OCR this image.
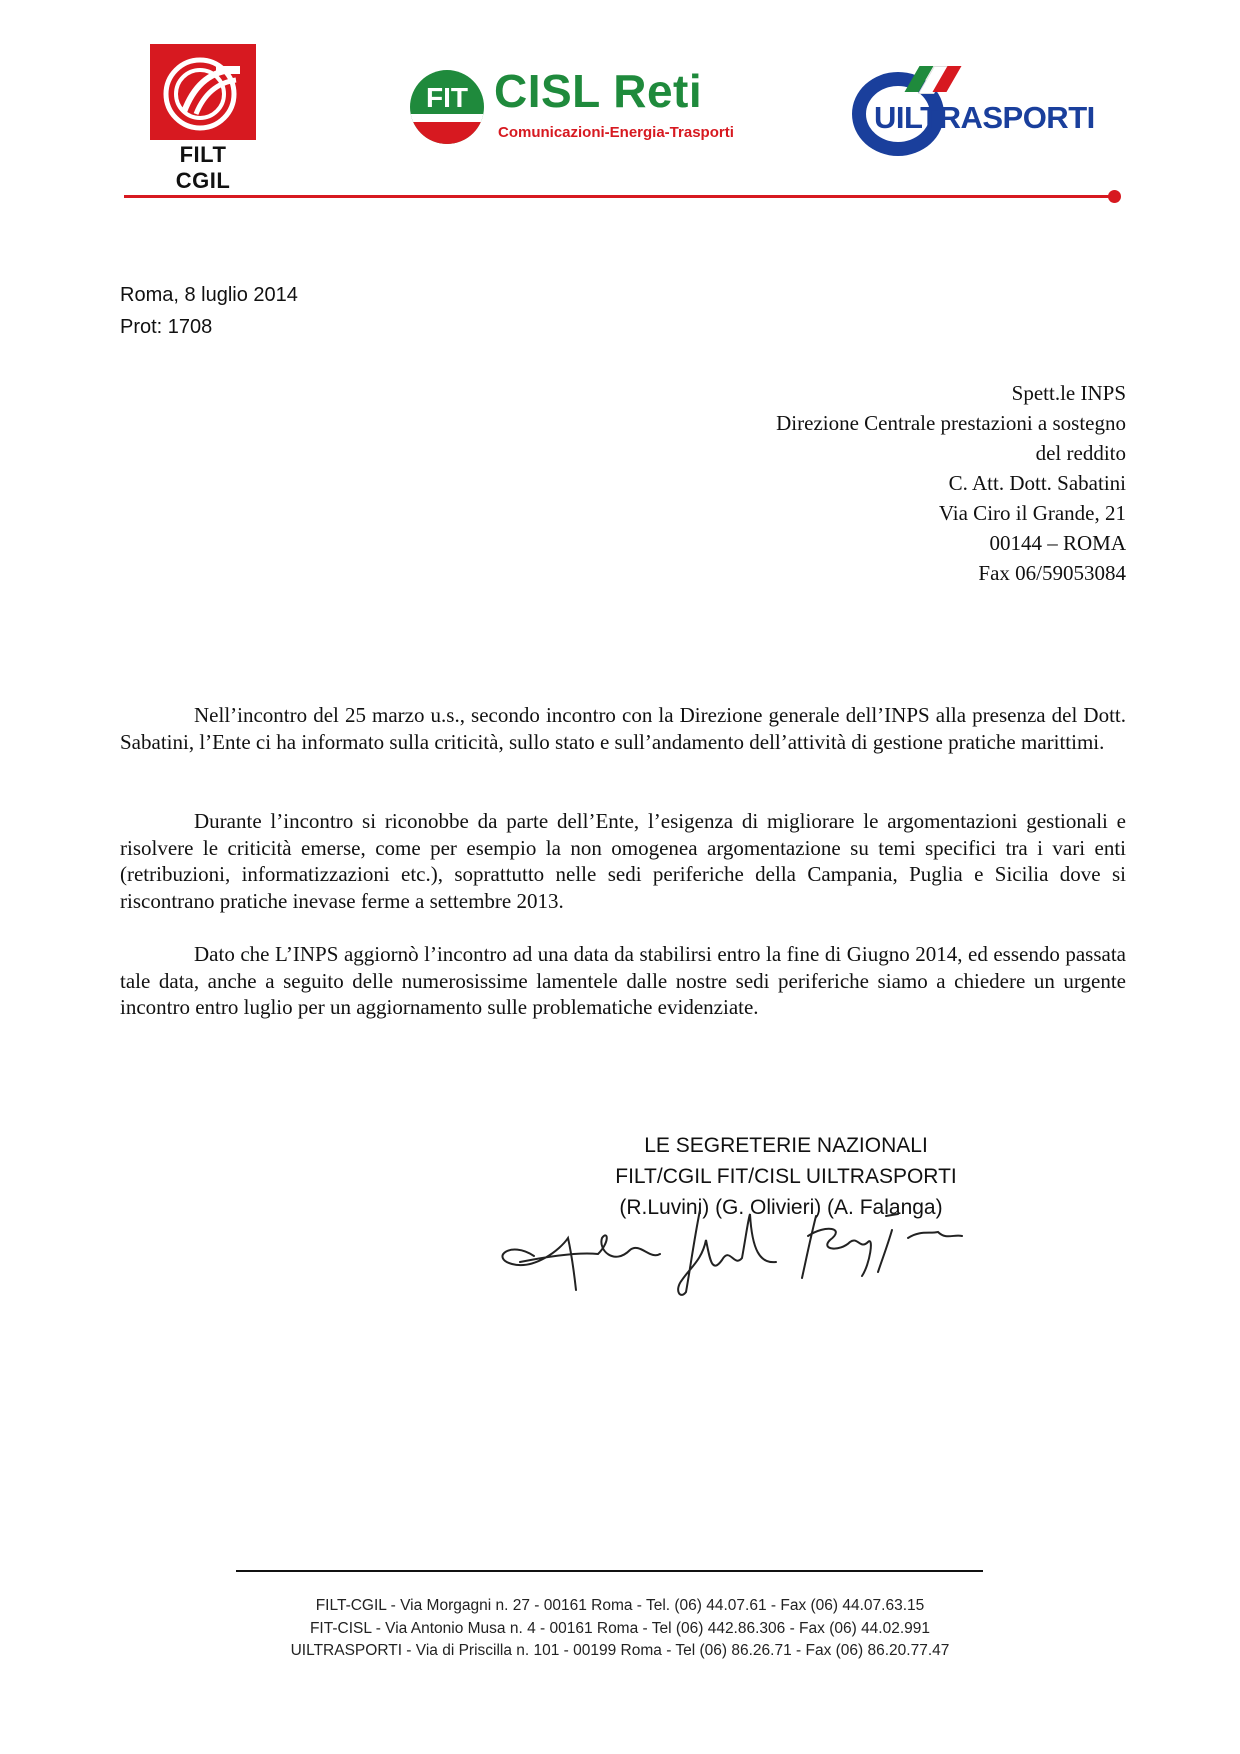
FILT CGIL
FIT CISL Reti
Comunicazioni-Energia-Trasporti	UILTRASPORTI
Roma, 8 luglio 2014
Prot: 1708
Spett.le INPS
Direzione Centrale prestazioni a sostegno
del reddito
C. Att. Dott. Sabatini
Via Ciro il Grande, 21
00144 – ROMA
Fax 06/59053084

Nell’incontro del 25 marzo u.s., secondo incontro con la Direzione generale dell’INPS alla presenza del Dott. Sabatini, l’Ente ci ha informato sulla criticità, sullo stato e sull’andamento dell’attività di gestione pratiche marittimi.

Durante l’incontro si riconobbe da parte dell’Ente, l’esigenza di migliorare le argomentazioni gestionali e risolvere le criticità emerse, come per esempio la non omogenea argomentazione su temi specifici tra i vari enti (retribuzioni, informatizzazioni etc.), soprattutto nelle sedi periferiche della Campania, Puglia e Sicilia dove si riscontrano pratiche inevase ferme a settembre 2013.

Dato che L’INPS aggiornò l’incontro ad una data da stabilirsi entro la fine di Giugno 2014, ed essendo passata tale data, anche a seguito delle numerosissime lamentele dalle nostre sedi periferiche siamo a chiedere un urgente incontro entro luglio per un aggiornamento sulle problematiche evidenziate.

LE SEGRETERIE NAZIONALI
FILT/CGIL FIT/CISL UILTRASPORTI
(R.Luvini) (G. Olivieri) (A. Falanga)
FILT-CGIL - Via Morgagni n. 27 - 00161 Roma - Tel. (06) 44.07.61 - Fax (06) 44.07.63.15
FIT-CISL - Via Antonio Musa n. 4 - 00161 Roma - Tel (06) 442.86.306 - Fax (06) 44.02.991
UILTRASPORTI - Via di Priscilla n. 101 - 00199 Roma - Tel (06) 86.26.71 - Fax (06) 86.20.77.47
